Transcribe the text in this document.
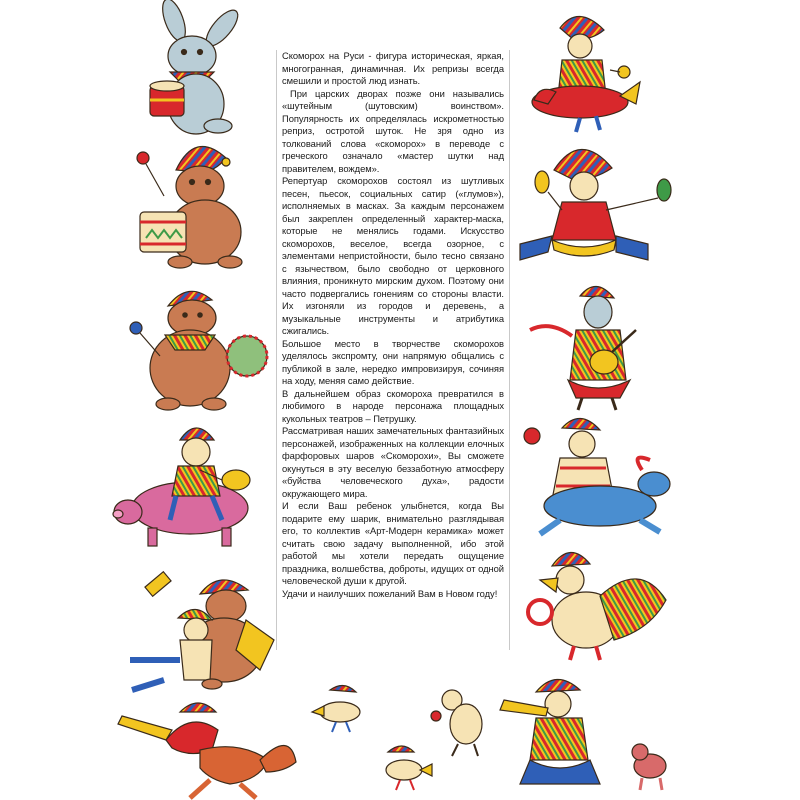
Скоморох на Руси - фигура историческая, яркая, многогранная, динамичная. Их репризы всегда смешили и простой люд изнать.

При царских дворах позже они назывались «шутейным (шутовским) воинством». Популярность их определялась искрометностью реприз, остротой шуток. Не зря одно из толкований слова «скоморох» в переводе с греческого означало «мастер шутки над правителем, вождем».

Репертуар скоморохов состоял из шутливых песен, пьесок, социальных сатир («глумов»), исполняемых в масках. За каждым персонажем был закреплен определенный характер-маска, которые не менялись годами. Искусство скоморохов, веселое, всегда озорное, с элементами непристойности, было тесно связано с язычеством, было свободно от церковного влияния, проникнуто мирским духом. Поэтому они часто подвергались гонениям со стороны власти. Их изгоняли из городов и деревень, а музыкальные инструменты и атрибутика сжигались.

Большое место в творчестве скоморохов уделялось экспромту, они напрямую общались с публикой в зале, нередко импровизируя, сочиняя на ходу, меняя само действие.

В дальнейшем образ скомороха превратился в любимого в народе персонажа площадных кукольных театров – Петрушку.

Рассматривая наших замечательных фантазийных персонажей, изображенных на коллекции елочных фарфоровых шаров «Скоморохи», Вы сможете окунуться в эту веселую беззаботную атмосферу «буйства человеческого духа», радости окружающего мира.

И если Ваш ребенок улыбнется, когда Вы подарите ему шарик, внимательно разглядывая его, то коллектив «Арт-Модерн керамика» может считать свою задачу выполненной, ибо этой работой мы хотели передать ощущение праздника, волшебства, доброты, идущих от одной человеческой души к другой.

Удачи и наилучших пожеланий Вам в Новом году!
